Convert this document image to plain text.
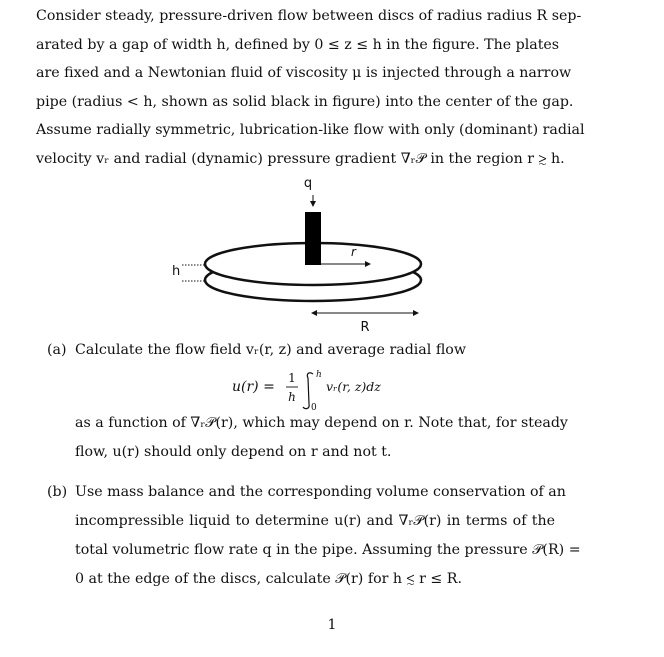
Consider steady, pressure-driven flow between discs of radius radius R sep-
arated by a gap of width h, defined by 0 ≤ z ≤ h in the figure. The plates
are fixed and a Newtonian fluid of viscosity μ is injected through a narrow
pipe (radius < h, shown as solid black in figure) into the center of the gap.
Assume radially symmetric, lubrication-like flow with only (dominant) radial
velocity vᵣ and radial (dynamic) pressure gradient ∇ᵣ𝒫 in the region r ≳ h.
q
r
h
R
(a) Calculate the flow field vᵣ(r, z) and average radial flow
u(r) =
1
h
h
0
vᵣ(r, z)dz
as a function of ∇ᵣ𝒫(r), which may depend on r. Note that, for steady
flow, u(r) should only depend on r and not t.
(b) Use mass balance and the corresponding volume conservation of an
incompressible liquid to determine u(r) and ∇ᵣ𝒫(r) in terms of the
total volumetric flow rate q in the pipe. Assuming the pressure 𝒫(R) =
0 at the edge of the discs, calculate 𝒫(r) for h ≲ r ≤ R.
1
